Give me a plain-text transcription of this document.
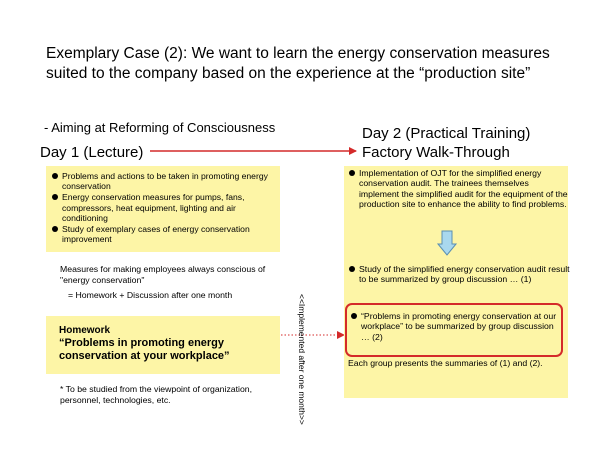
Exemplary Case (2): We want to learn the energy conservation measures suited to the company based on the experience at the “production site”
- Aiming at Reforming of Consciousness
Day 1 (Lecture)
Day 2 (Practical Training)
Factory Walk-Through
<<Implemented after one month>>
Problems and actions to be taken in promoting energy conservation
Energy conservation measures for pumps, fans, compressors, heat equipment, lighting and air conditioning
Study of exemplary cases of energy conservation improvement
Measures for making employees always conscious of "energy conservation"
= Homework + Discussion after one month
Homework
“Problems in promoting energy conservation at your workplace”
* To be studied from the viewpoint of organization, personnel, technologies, etc.
Implementation of OJT for the simplified energy conservation audit. The trainees themselves implement the simplified audit for the equipment of the production site to enhance the ability to find problems.
Study of the simplified energy conservation audit result to be summarized by group discussion … (1)
“Problems in promoting energy conservation at our workplace” to be summarized by group discussion … (2)
Each group presents the summaries of (1) and (2).
